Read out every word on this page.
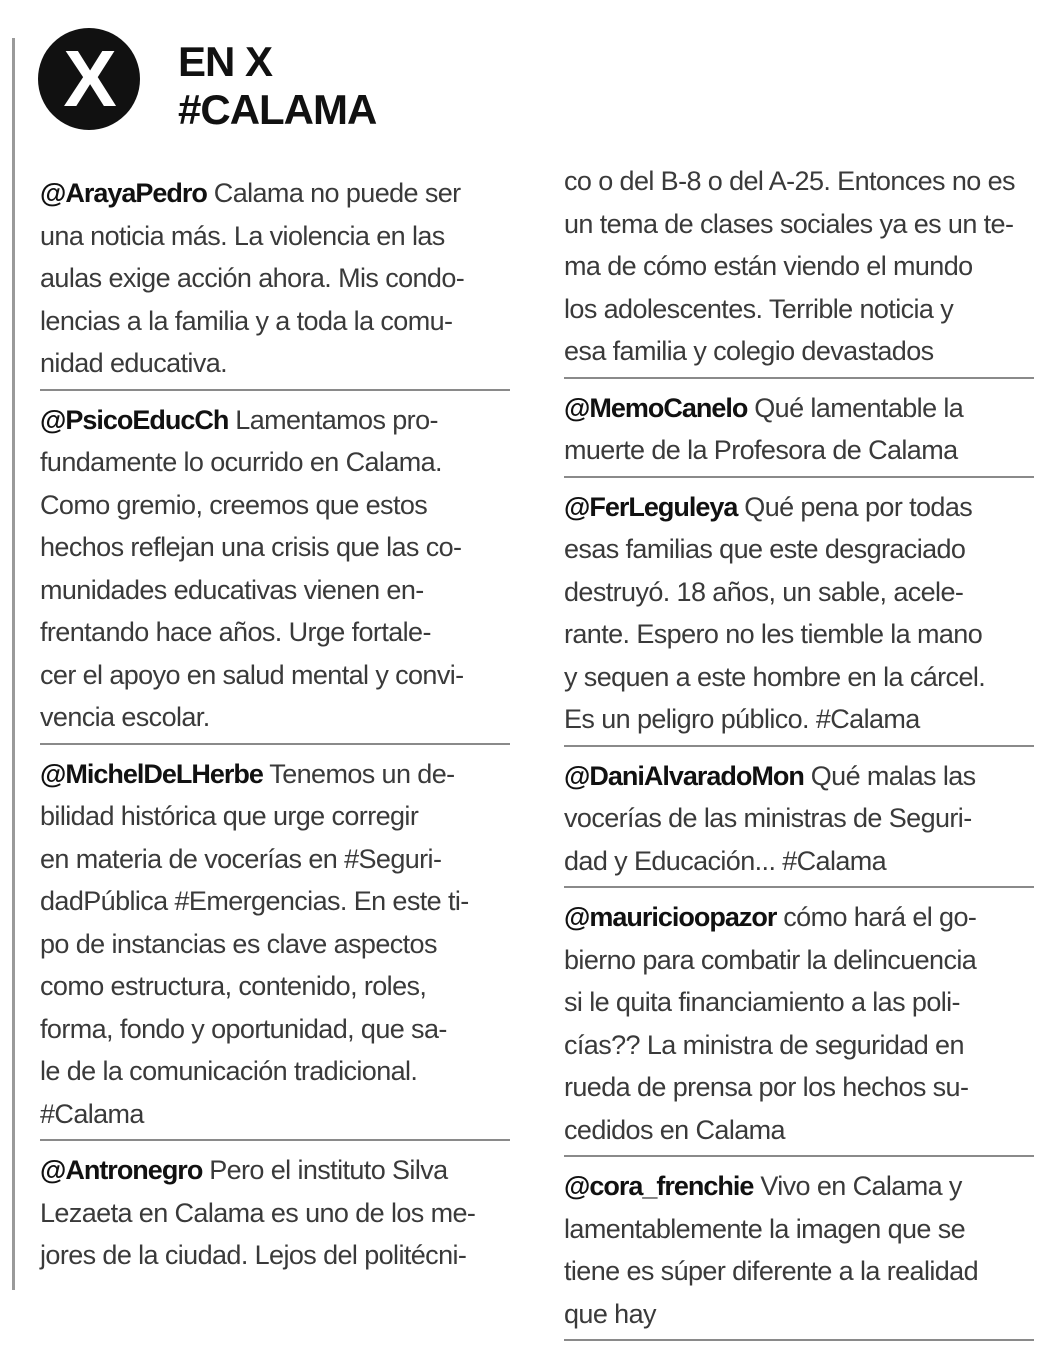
X EN X
#CALAMA
@ArayaPedro Calama no puede ser
una noticia más. La violencia en las
aulas exige acción ahora. Mis condo-
lencias a la familia y a toda la comu-
nidad educativa.
@PsicoEducCh Lamentamos pro-
fundamente lo ocurrido en Calama.
Como gremio, creemos que estos
hechos reflejan una crisis que las co-
munidades educativas vienen en-
frentando hace años. Urge fortale-
cer el apoyo en salud mental y convi-
vencia escolar.
@MichelDeLHerbe Tenemos un de-
bilidad histórica que urge corregir
en materia de vocerías en #Seguri-
dadPública #Emergencias. En este ti-
po de instancias es clave aspectos
como estructura, contenido, roles,
forma, fondo y oportunidad, que sa-
le de la comunicación tradicional.
#Calama
@Antronegro Pero el instituto Silva
Lezaeta en Calama es uno de los me-
jores de la ciudad. Lejos del politécni-
co o del B-8 o del A-25. Entonces no es
un tema de clases sociales ya es un te-
ma de cómo están viendo el mundo
los adolescentes. Terrible noticia y
esa familia y colegio devastados
@MemoCanelo Qué lamentable la
muerte de la Profesora de Calama
@FerLeguleya Qué pena por todas
esas familias que este desgraciado
destruyó. 18 años, un sable, acele-
rante. Espero no les tiemble la mano
y sequen a este hombre en la cárcel.
Es un peligro público. #Calama
@DaniAlvaradoMon Qué malas las
vocerías de las ministras de Seguri-
dad y Educación... #Calama
@mauricioopazor cómo hará el go-
bierno para combatir la delincuencia
si le quita financiamiento a las poli-
cías?? La ministra de seguridad en
rueda de prensa por los hechos su-
cedidos en Calama
@cora_frenchie Vivo en Calama y
lamentablemente la imagen que se
tiene es súper diferente a la realidad
que hay
